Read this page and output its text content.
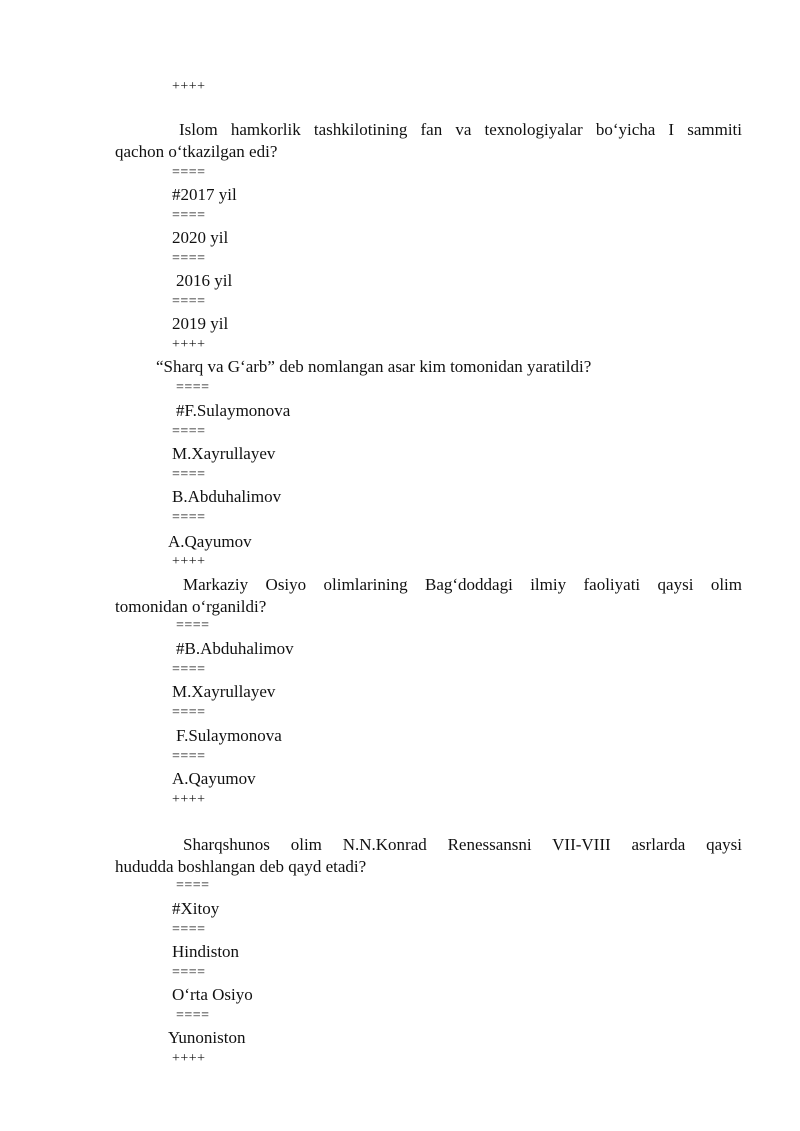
++++
Islom hamkorlik tashkilotining fan va texnologiyalar bo‘yicha I sammiti
qachon o‘tkazilgan edi?
====
#2017 yil
====
2020 yil
====
2016 yil
====
2019 yil
++++
“Sharq va G‘arb” deb nomlangan asar kim tomonidan yaratildi?
====
#F.Sulaymonova
====
M.Xayrullayev
====
B.Abduhalimov
====
A.Qayumov
++++
Markaziy Osiyo olimlarining Bag‘doddagi ilmiy faoliyati qaysi olim
tomonidan o‘rganildi?
====
#B.Abduhalimov
====
M.Xayrullayev
====
F.Sulaymonova
====
A.Qayumov
++++
Sharqshunos olim N.N.Konrad Renessansni VII-VIII asrlarda qaysi
hududda boshlangan deb qayd etadi?
====
#Xitoy
====
Hindiston
====
O‘rta Osiyo
====
Yunoniston
++++
